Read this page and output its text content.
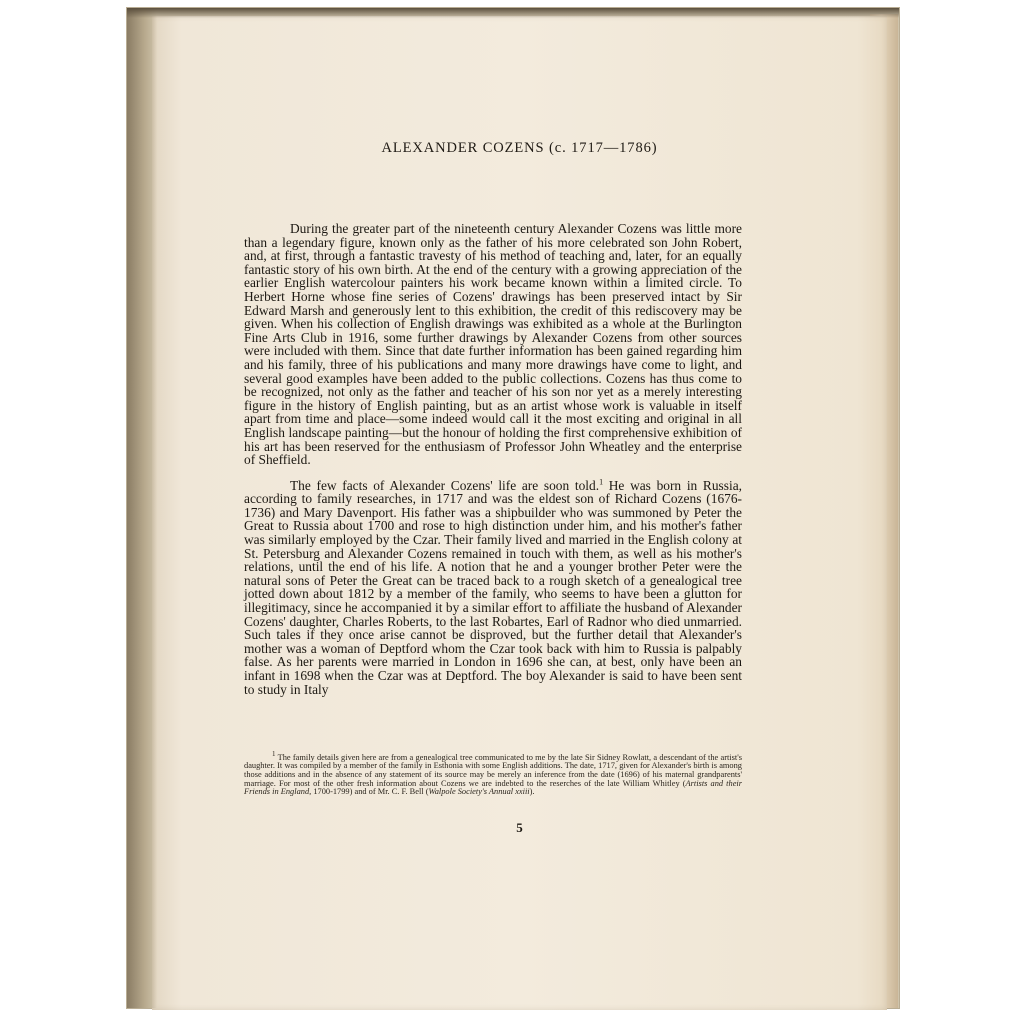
ALEXANDER COZENS (c. 1717—1786)

During the greater part of the nineteenth century Alexander Cozens was little more than a legendary figure, known only as the father of his more celebrated son John Robert, and, at first, through a fantastic travesty of his method of teaching and, later, for an equally fantastic story of his own birth. At the end of the century with a growing appreciation of the earlier English watercolour painters his work became known within a limited circle. To Herbert Horne whose fine series of Cozens' drawings has been preserved intact by Sir Edward Marsh and generously lent to this exhibition, the credit of this rediscovery may be given. When his collection of English drawings was exhibited as a whole at the Burlington Fine Arts Club in 1916, some further drawings by Alexander Cozens from other sources were included with them. Since that date further information has been gained regarding him and his family, three of his publications and many more drawings have come to light, and several good examples have been added to the public collections. Cozens has thus come to be recognized, not only as the father and teacher of his son nor yet as a merely interesting figure in the history of English painting, but as an artist whose work is valuable in itself apart from time and place—some indeed would call it the most exciting and original in all English landscape painting—but the honour of holding the first comprehensive exhibition of his art has been reserved for the enthusiasm of Professor John Wheatley and the enterprise of Sheffield.

The few facts of Alexander Cozens' life are soon told.$^1$ He was born in Russia, according to family researches, in 1717 and was the eldest son of Richard Cozens (1676-1736) and Mary Davenport. His father was a shipbuilder who was summoned by Peter the Great to Russia about 1700 and rose to high distinction under him, and his mother's father was similarly employed by the Czar. Their family lived and married in the English colony at St. Petersburg and Alexander Cozens remained in touch with them, as well as his mother's relations, until the end of his life. A notion that he and a younger brother Peter were the natural sons of Peter the Great can be traced back to a rough sketch of a genealogical tree jotted down about 1812 by a member of the family, who seems to have been a glutton for illegitimacy, since he accompanied it by a similar effort to affiliate the husband of Alexander Cozens' daughter, Charles Roberts, to the last Robartes, Earl of Radnor who died unmarried. Such tales if they once arise cannot be disproved, but the further detail that Alexander's mother was a woman of Deptford whom the Czar took back with him to Russia is palpably false. As her parents were married in London in 1696 she can, at best, only have been an infant in 1698 when the Czar was at Deptford. The boy Alexander is said to have been sent to study in Italy

$^1$ The family details given here are from a genealogical tree communicated to me by the late Sir Sidney Rowlatt, a descendant of the artist's daughter. It was compiled by a member of the family in Esthonia with some English additions. The date, 1717, given for Alexander's birth is among those additions and in the absence of any statement of its source may be merely an inference from the date (1696) of his maternal grandparents' marriage. For most of the other fresh information about Cozens we are indebted to the reserches of the late William Whitley (Artists and their Friends in England, 1700-1799) and of Mr. C. F. Bell (Walpole Society's Annual xxiii).

5
